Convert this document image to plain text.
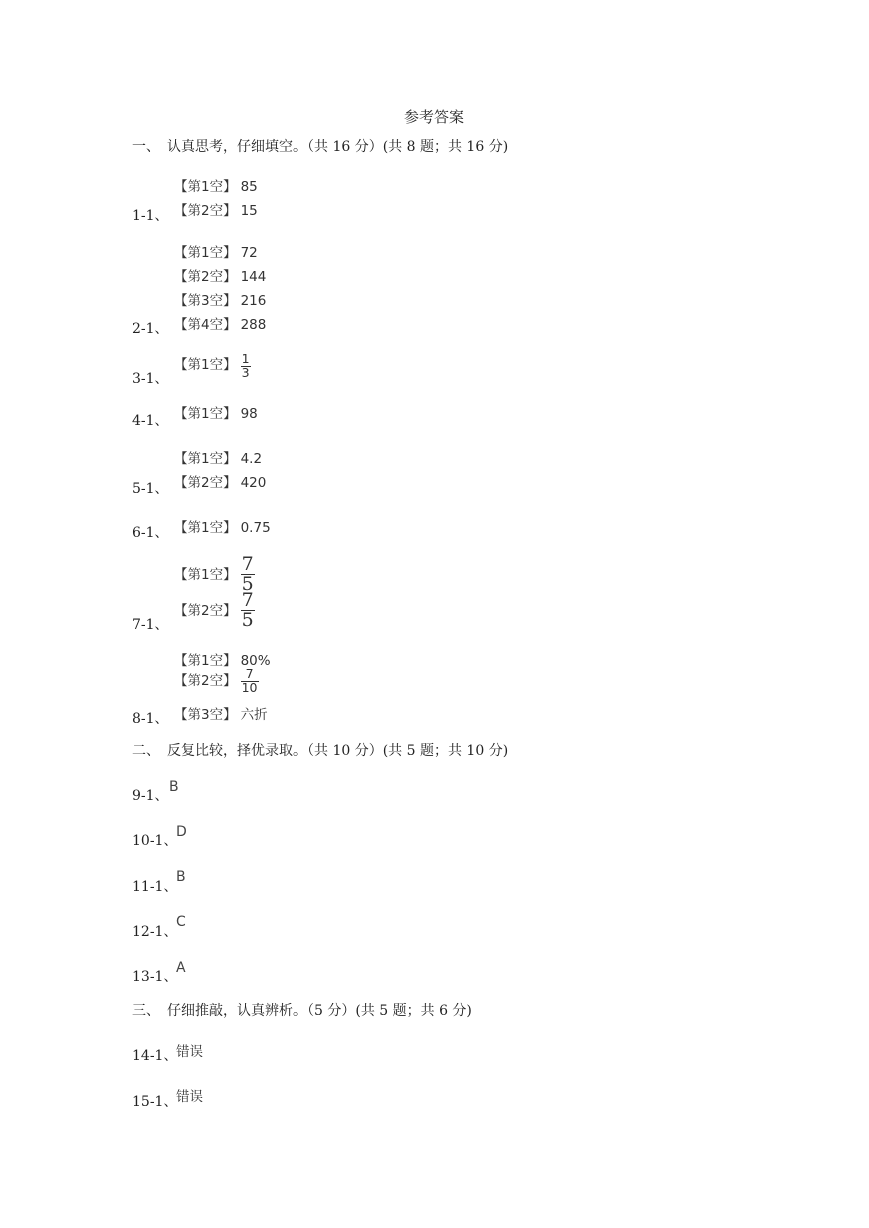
参考答案
一、　认真思考，仔细填空。（共 16 分）(共 8 题；共 16 分)
【第1空】 85
【第2空】 15
1-1、
【第1空】 72
【第2空】 144
【第3空】 216
【第4空】 288
2-1、
【第1空】 $\frac{1}{3}$
3-1、
【第1空】 98
4-1、
【第1空】 4.2
【第2空】 420
5-1、
【第1空】 0.75
6-1、
【第1空】 $\frac{7}{5}$
【第2空】 $\frac{7}{5}$
7-1、
【第1空】 80%
【第2空】 $\frac{7}{10}$
【第3空】 六折
8-1、
二、　反复比较，择优录取。（共 10 分）(共 5 题；共 10 分)
9-1、
B
10-1、
D
11-1、
B
12-1、
C
13-1、
A
三、　仔细推敲，认真辨析。（5 分）(共 5 题；共 6 分)
14-1、
错误
15-1、
错误
